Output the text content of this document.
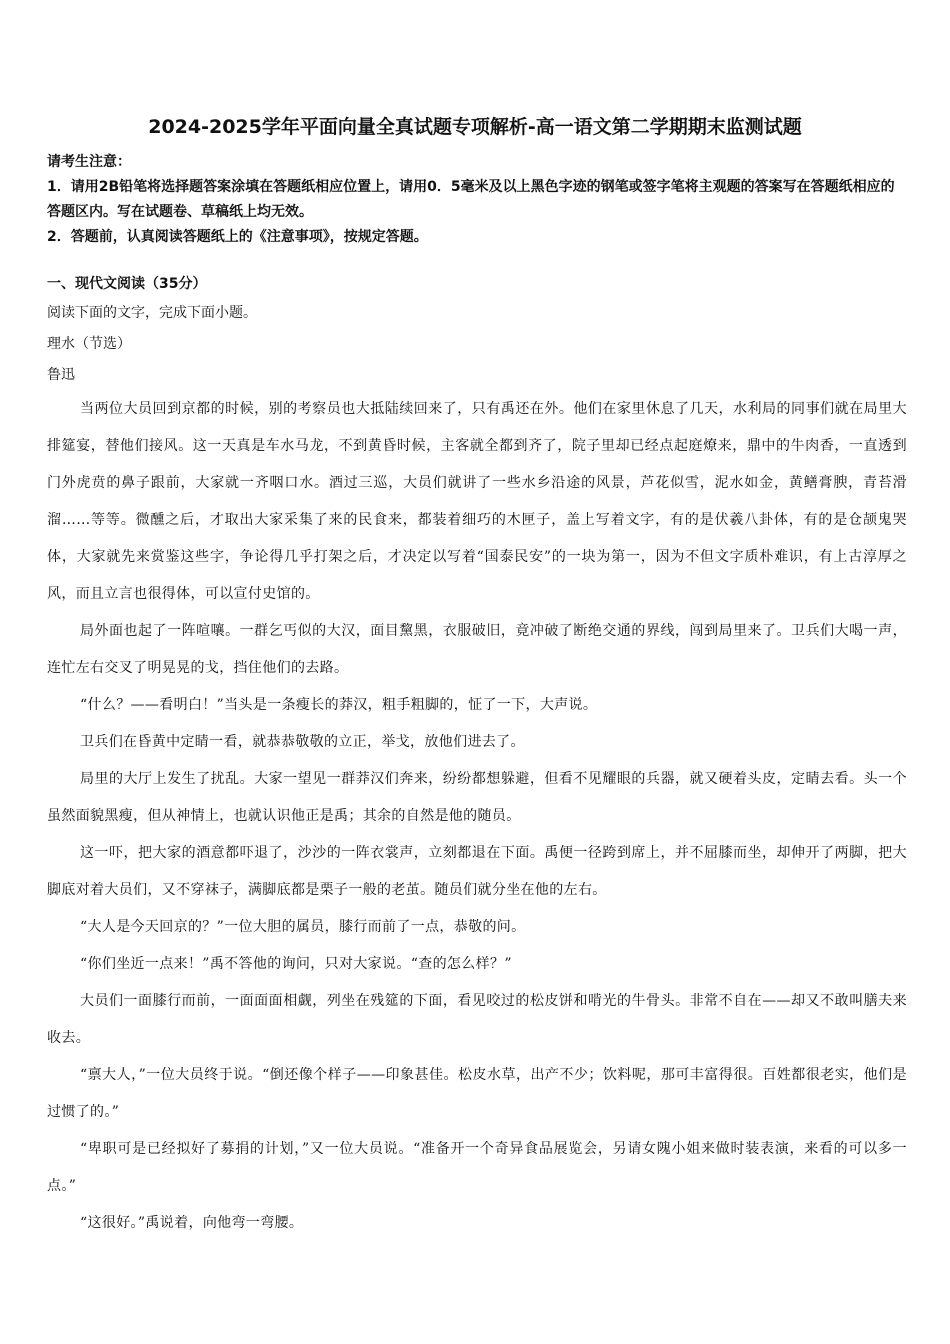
2024-2025学年平面向量全真试题专项解析-高一语文第二学期期末监测试题

请考生注意：

1．请用2B铅笔将选择题答案涂填在答题纸相应位置上，请用0．5毫米及以上黑色字迹的钢笔或签字笔将主观题的答案写在答题纸相应的答题区内。写在试题卷、草稿纸上均无效。

2．答题前，认真阅读答题纸上的《注意事项》，按规定答题。

一、现代文阅读（35分）

阅读下面的文字，完成下面小题。

理水（节选）

鲁迅

当两位大员回到京都的时候，别的考察员也大抵陆续回来了，只有禹还在外。他们在家里休息了几天，水利局的同事们就在局里大排筵宴，替他们接风。这一天真是车水马龙，不到黄昏时候，主客就全都到齐了，院子里却已经点起庭燎来，鼎中的牛肉香，一直透到门外虎贲的鼻子跟前，大家就一齐咽口水。酒过三巡，大员们就讲了一些水乡沿途的风景，芦花似雪，泥水如金，黄鳝膏腴，青苔滑溜……等等。微醺之后，才取出大家采集了来的民食来，都装着细巧的木匣子，盖上写着文字，有的是伏羲八卦体，有的是仓颉鬼哭体，大家就先来赏鉴这些字，争论得几乎打架之后，才决定以写着“国泰民安”的一块为第一，因为不但文字质朴难识，有上古淳厚之风，而且立言也很得体，可以宣付史馆的。

局外面也起了一阵喧嚷。一群乞丐似的大汉，面目黧黑，衣服破旧，竟冲破了断绝交通的界线，闯到局里来了。卫兵们大喝一声，连忙左右交叉了明晃晃的戈，挡住他们的去路。

“什么？——看明白！”当头是一条瘦长的莽汉，粗手粗脚的，怔了一下，大声说。

卫兵们在昏黄中定睛一看，就恭恭敬敬的立正，举戈，放他们进去了。

局里的大厅上发生了扰乱。大家一望见一群莽汉们奔来，纷纷都想躲避，但看不见耀眼的兵器，就又硬着头皮，定睛去看。头一个虽然面貌黑瘦，但从神情上，也就认识他正是禹；其余的自然是他的随员。

这一吓，把大家的酒意都吓退了，沙沙的一阵衣裳声，立刻都退在下面。禹便一径跨到席上，并不屈膝而坐，却伸开了两脚，把大脚底对着大员们，又不穿袜子，满脚底都是栗子一般的老茧。随员们就分坐在他的左右。

“大人是今天回京的？”一位大胆的属员，膝行而前了一点，恭敬的问。

“你们坐近一点来！”禹不答他的询问，只对大家说。“查的怎么样？”

大员们一面膝行而前，一面面面相觑，列坐在残筵的下面，看见咬过的松皮饼和啃光的牛骨头。非常不自在——却又不敢叫膳夫来收去。

“禀大人，”一位大员终于说。“倒还像个样子——印象甚佳。松皮水草，出产不少；饮料呢，那可丰富得很。百姓都很老实，他们是过惯了的。”

“卑职可是已经拟好了募捐的计划，”又一位大员说。“准备开一个奇异食品展览会，另请女隗小姐来做时装表演，来看的可以多一点。”

“这很好。”禹说着，向他弯一弯腰。
